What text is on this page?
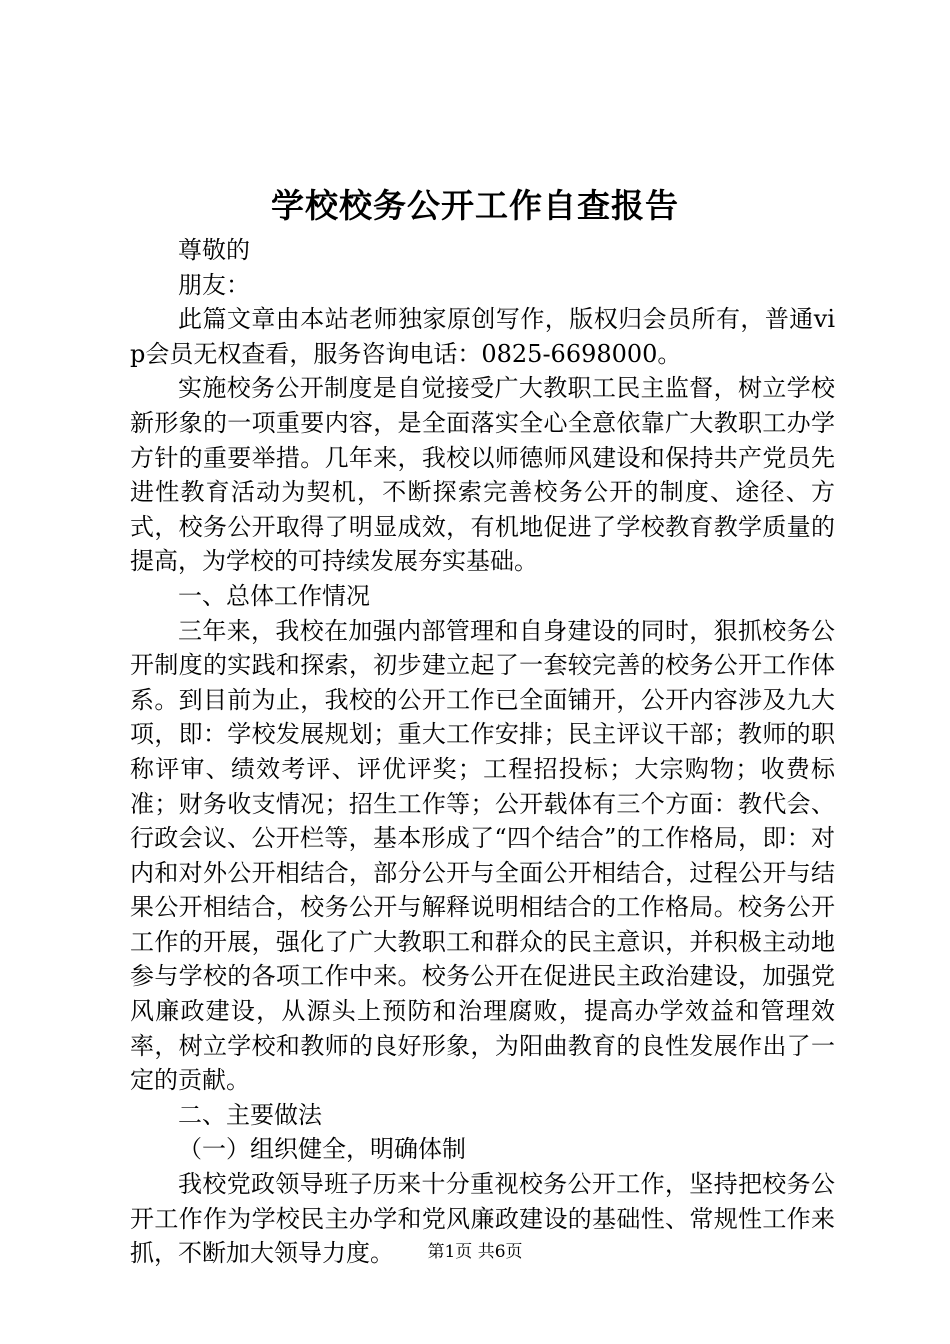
学校校务公开工作自查报告

尊敬的

朋友：

此篇文章由本站老师独家原创写作，版权归会员所有，普通vip会员无权查看，服务咨询电话：0825-6698000。

实施校务公开制度是自觉接受广大教职工民主监督，树立学校新形象的一项重要内容，是全面落实全心全意依靠广大教职工办学方针的重要举措。几年来，我校以师德师风建设和保持共产党员先进性教育活动为契机，不断探索完善校务公开的制度、途径、方式，校务公开取得了明显成效，有机地促进了学校教育教学质量的提高，为学校的可持续发展夯实基础。

一、总体工作情况

三年来，我校在加强内部管理和自身建设的同时，狠抓校务公开制度的实践和探索，初步建立起了一套较完善的校务公开工作体系。到目前为止，我校的公开工作已全面铺开，公开内容涉及九大项，即：学校发展规划；重大工作安排；民主评议干部；教师的职称评审、绩效考评、评优评奖；工程招投标；大宗购物；收费标准；财务收支情况；招生工作等；公开载体有三个方面：教代会、行政会议、公开栏等，基本形成了“四个结合”的工作格局，即：对内和对外公开相结合，部分公开与全面公开相结合，过程公开与结果公开相结合，校务公开与解释说明相结合的工作格局。校务公开工作的开展，强化了广大教职工和群众的民主意识，并积极主动地参与学校的各项工作中来。校务公开在促进民主政治建设，加强党风廉政建设，从源头上预防和治理腐败，提高办学效益和管理效率，树立学校和教师的良好形象，为阳曲教育的良性发展作出了一定的贡献。

二、主要做法

（一）组织健全，明确体制

我校党政领导班子历来十分重视校务公开工作，坚持把校务公开工作作为学校民主办学和党风廉政建设的基础性、常规性工作来抓，不断加大领导力度。	第1页 共6页
